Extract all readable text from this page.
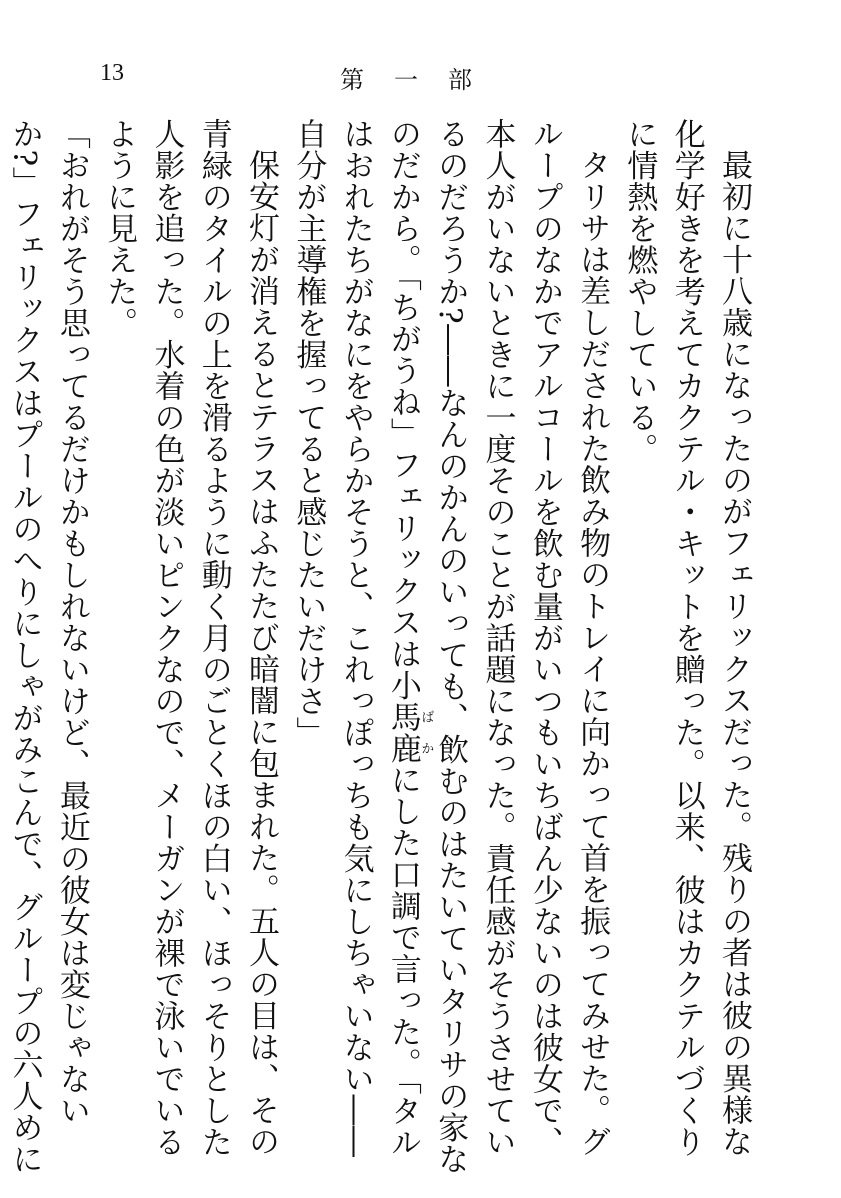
13	第一部

最初に十八歳になったのがフェリックスだった。残りの者は彼の異様な化学好きを考えてカクテル・キットを贈った。以来、彼はカクテルづくりに情熱を燃やしている。

タリサは差しだされた飲み物のトレイに向かって首を振ってみせた。グループのなかでアルコールを飲む量がいつもいちばん少ないのは彼女で、本人がいないときに一度そのことが話題になった。責任感がそうさせているのだろうか?――なんのかんのいっても、飲むのはたいていタリサの家なのだから。「ちがうね」フェリックスは小馬鹿ばかにした口調で言った。「タルはおれたちがなにをやらかそうと、これっぽっちも気にしちゃいない――自分が主導権を握ってると感じたいだけさ」

保安灯が消えるとテラスはふたたび暗闇に包まれた。五人の目は、その青緑のタイルの上を滑るように動く月のごとくほの白い、ほっそりとした人影を追った。水着の色が淡いピンクなので、メーガンが裸で泳いでいるように見えた。

「おれがそう思ってるだけかもしれないけど、最近の彼女は変じゃないか?」フェリックスはプールのへりにしゃがみこんで、グループの六人めに
